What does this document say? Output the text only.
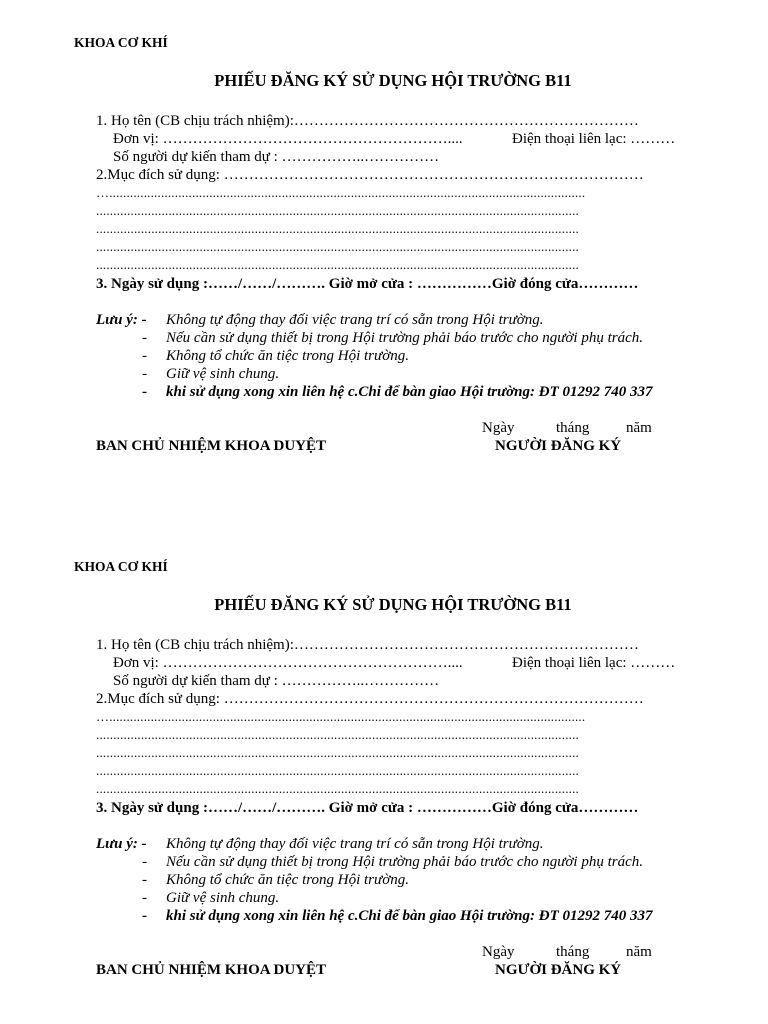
KHOA CƠ KHÍ
PHIẾU ĐĂNG KÝ SỬ DỤNG HỘI TRƯỜNG B11
1. Họ tên (CB chịu trách nhiệm):……………………………………………………………
Đơn vị: …………………………………………………....	Điện thoại liên lạc: ………
Số người dự kiến tham dự : ……………..……………
2.Mục đích sử dụng: …………………………………………………………………………
…..........................................................................................................................................
............................................................................................................................................
............................................................................................................................................
............................................................................................................................................
............................................................................................................................................
3. Ngày sử dụng :……/……/………. Giờ mở cửa : ……………Giờ đóng cửa…………
Lưu ý: - Không tự động thay đối việc trang trí có sẵn trong Hội trường.
- Nếu cần sử dụng thiết bị trong Hội trường phải báo trước cho người phụ trách.
- Không tổ chức ăn tiệc trong Hội trường.
- Giữ vệ sinh chung.
- khi sử dụng xong xin liên hệ c.Chi để bàn giao Hội trường: ĐT 01292 740 337
Ngày	tháng năm
BAN CHỦ NHIỆM KHOA DUYỆT	NGƯỜI ĐĂNG KÝ
KHOA CƠ KHÍ
PHIẾU ĐĂNG KÝ SỬ DỤNG HỘI TRƯỜNG B11
1. Họ tên (CB chịu trách nhiệm):……………………………………………………………
Đơn vị: …………………………………………………....	Điện thoại liên lạc: ………
Số người dự kiến tham dự : ……………..……………
2.Mục đích sử dụng: …………………………………………………………………………
…..........................................................................................................................................
............................................................................................................................................
............................................................................................................................................
............................................................................................................................................
............................................................................................................................................
3. Ngày sử dụng :……/……/………. Giờ mở cửa : ……………Giờ đóng cửa…………
Lưu ý: - Không tự động thay đối việc trang trí có sẵn trong Hội trường.
- Nếu cần sử dụng thiết bị trong Hội trường phải báo trước cho người phụ trách.
- Không tổ chức ăn tiệc trong Hội trường.
- Giữ vệ sinh chung.
- khi sử dụng xong xin liên hệ c.Chi để bàn giao Hội trường: ĐT 01292 740 337
Ngày	tháng năm
BAN CHỦ NHIỆM KHOA DUYỆT	NGƯỜI ĐĂNG KÝ
